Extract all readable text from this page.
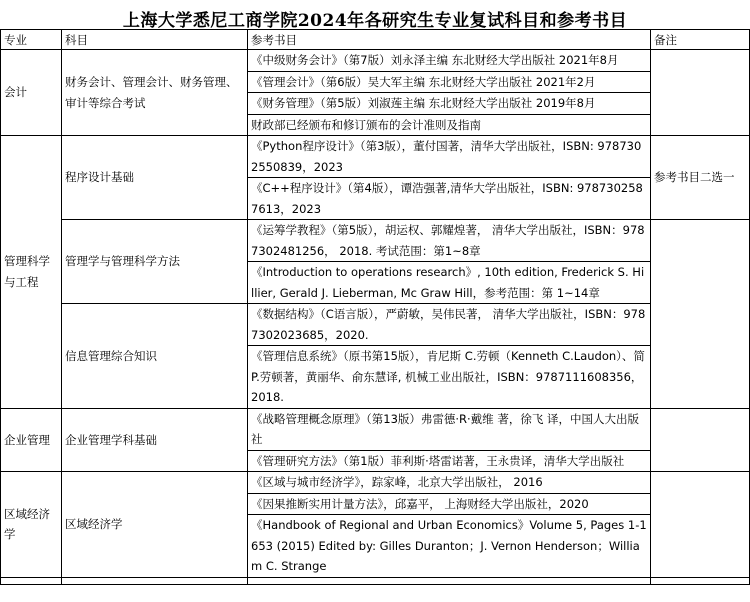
上海大学悉尼工商学院2024年各研究生专业复试科目和参考书目
专业	科目	参考书目	备注
会计	财务会计、管理会计、财务管理、审计等综合考试	《中级财务会计》（第7版）刘永泽主编 东北财经大学出版社 2021年8月	
		《管理会计》（第6版）吴大军主编 东北财经大学出版社 2021年2月	
		《财务管理》（第5版）刘淑莲主编 东北财经大学出版社 2019年8月	
		财政部已经颁布和修订颁布的会计准则及指南	
管理科学与工程	程序设计基础	《Python程序设计》（第3版），董付国著，清华大学出版社，ISBN: 9787302550839，2023	参考书目二选一
		《C++程序设计》（第4版），谭浩强著,清华大学出版社，ISBN: 9787302587613，2023	
	管理学与管理科学方法	《运筹学教程》（第5版），胡运权、郭耀煌著， 清华大学出版社，ISBN：9787302481256， 2018. 考试范围：第1~8章	
		《Introduction to operations research》, 10th edition, Frederick S. Hillier, Gerald J. Lieberman, Mc Graw Hill，参考范围：第 1~14章	
	信息管理综合知识	《数据结构》（C语言版），严蔚敏，吴伟民著， 清华大学出版社，ISBN：9787302023685，2020.	
		《管理信息系统》（原书第15版），肯尼斯 C.劳顿（Kenneth C.Laudon）、简 P.劳顿著，黄丽华、俞东慧译, 机械工业出版社，ISBN：9787111608356，2018.	
企业管理	企业管理学科基础	《战略管理概念原理》（第13版）弗雷德·R·戴维 著，徐飞 译，中国人大出版社	
		《管理研究方法》（第1版）菲利斯·塔雷诺著，王永贵译，清华大学出版社	
区域经济学	区域经济学	《区域与城市经济学》，踪家峰，北京大学出版社， 2016	
		《因果推断实用计量方法》，邱嘉平， 上海财经大学出版社，2020	
		《Handbook of Regional and Urban Economics》Volume 5, Pages 1-1653 (2015) Edited by: Gilles Duranton；J. Vernon Henderson；William C. Strange	
